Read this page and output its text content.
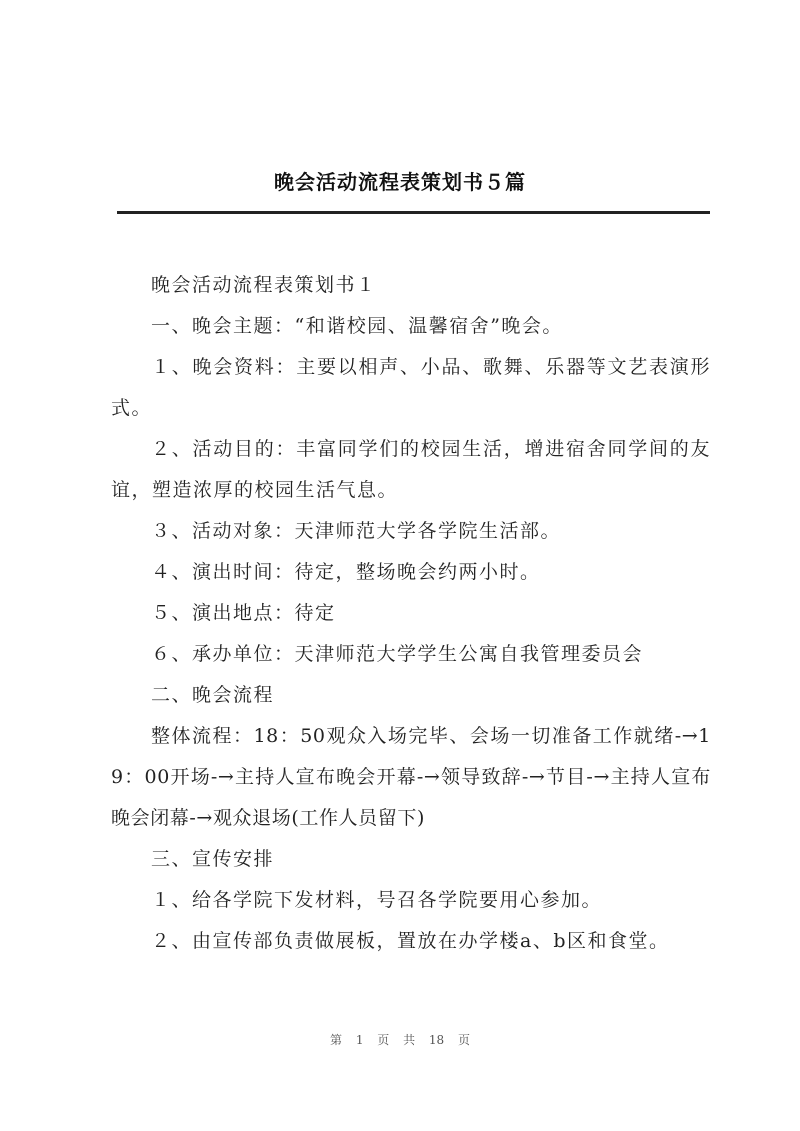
晚会活动流程表策划书５篇

晚会活动流程表策划书１

一、晚会主题：“和谐校园、温馨宿舍”晚会。

１、晚会资料：主要以相声、小品、歌舞、乐器等文艺表演形式。

２、活动目的：丰富同学们的校园生活，增进宿舍同学间的友谊，塑造浓厚的校园生活气息。

３、活动对象：天津师范大学各学院生活部。

４、演出时间：待定，整场晚会约两小时。

５、演出地点：待定

６、承办单位：天津师范大学学生公寓自我管理委员会

二、晚会流程

整体流程：18：50观众入场完毕、会场一切准备工作就绪-→19：00开场-→主持人宣布晚会开幕-→领导致辞-→节目-→主持人宣布晚会闭幕-→观众退场(工作人员留下)

三、宣传安排

１、给各学院下发材料，号召各学院要用心参加。

２、由宣传部负责做展板，置放在办学楼a、b区和食堂。

第 1 页 共 18 页
